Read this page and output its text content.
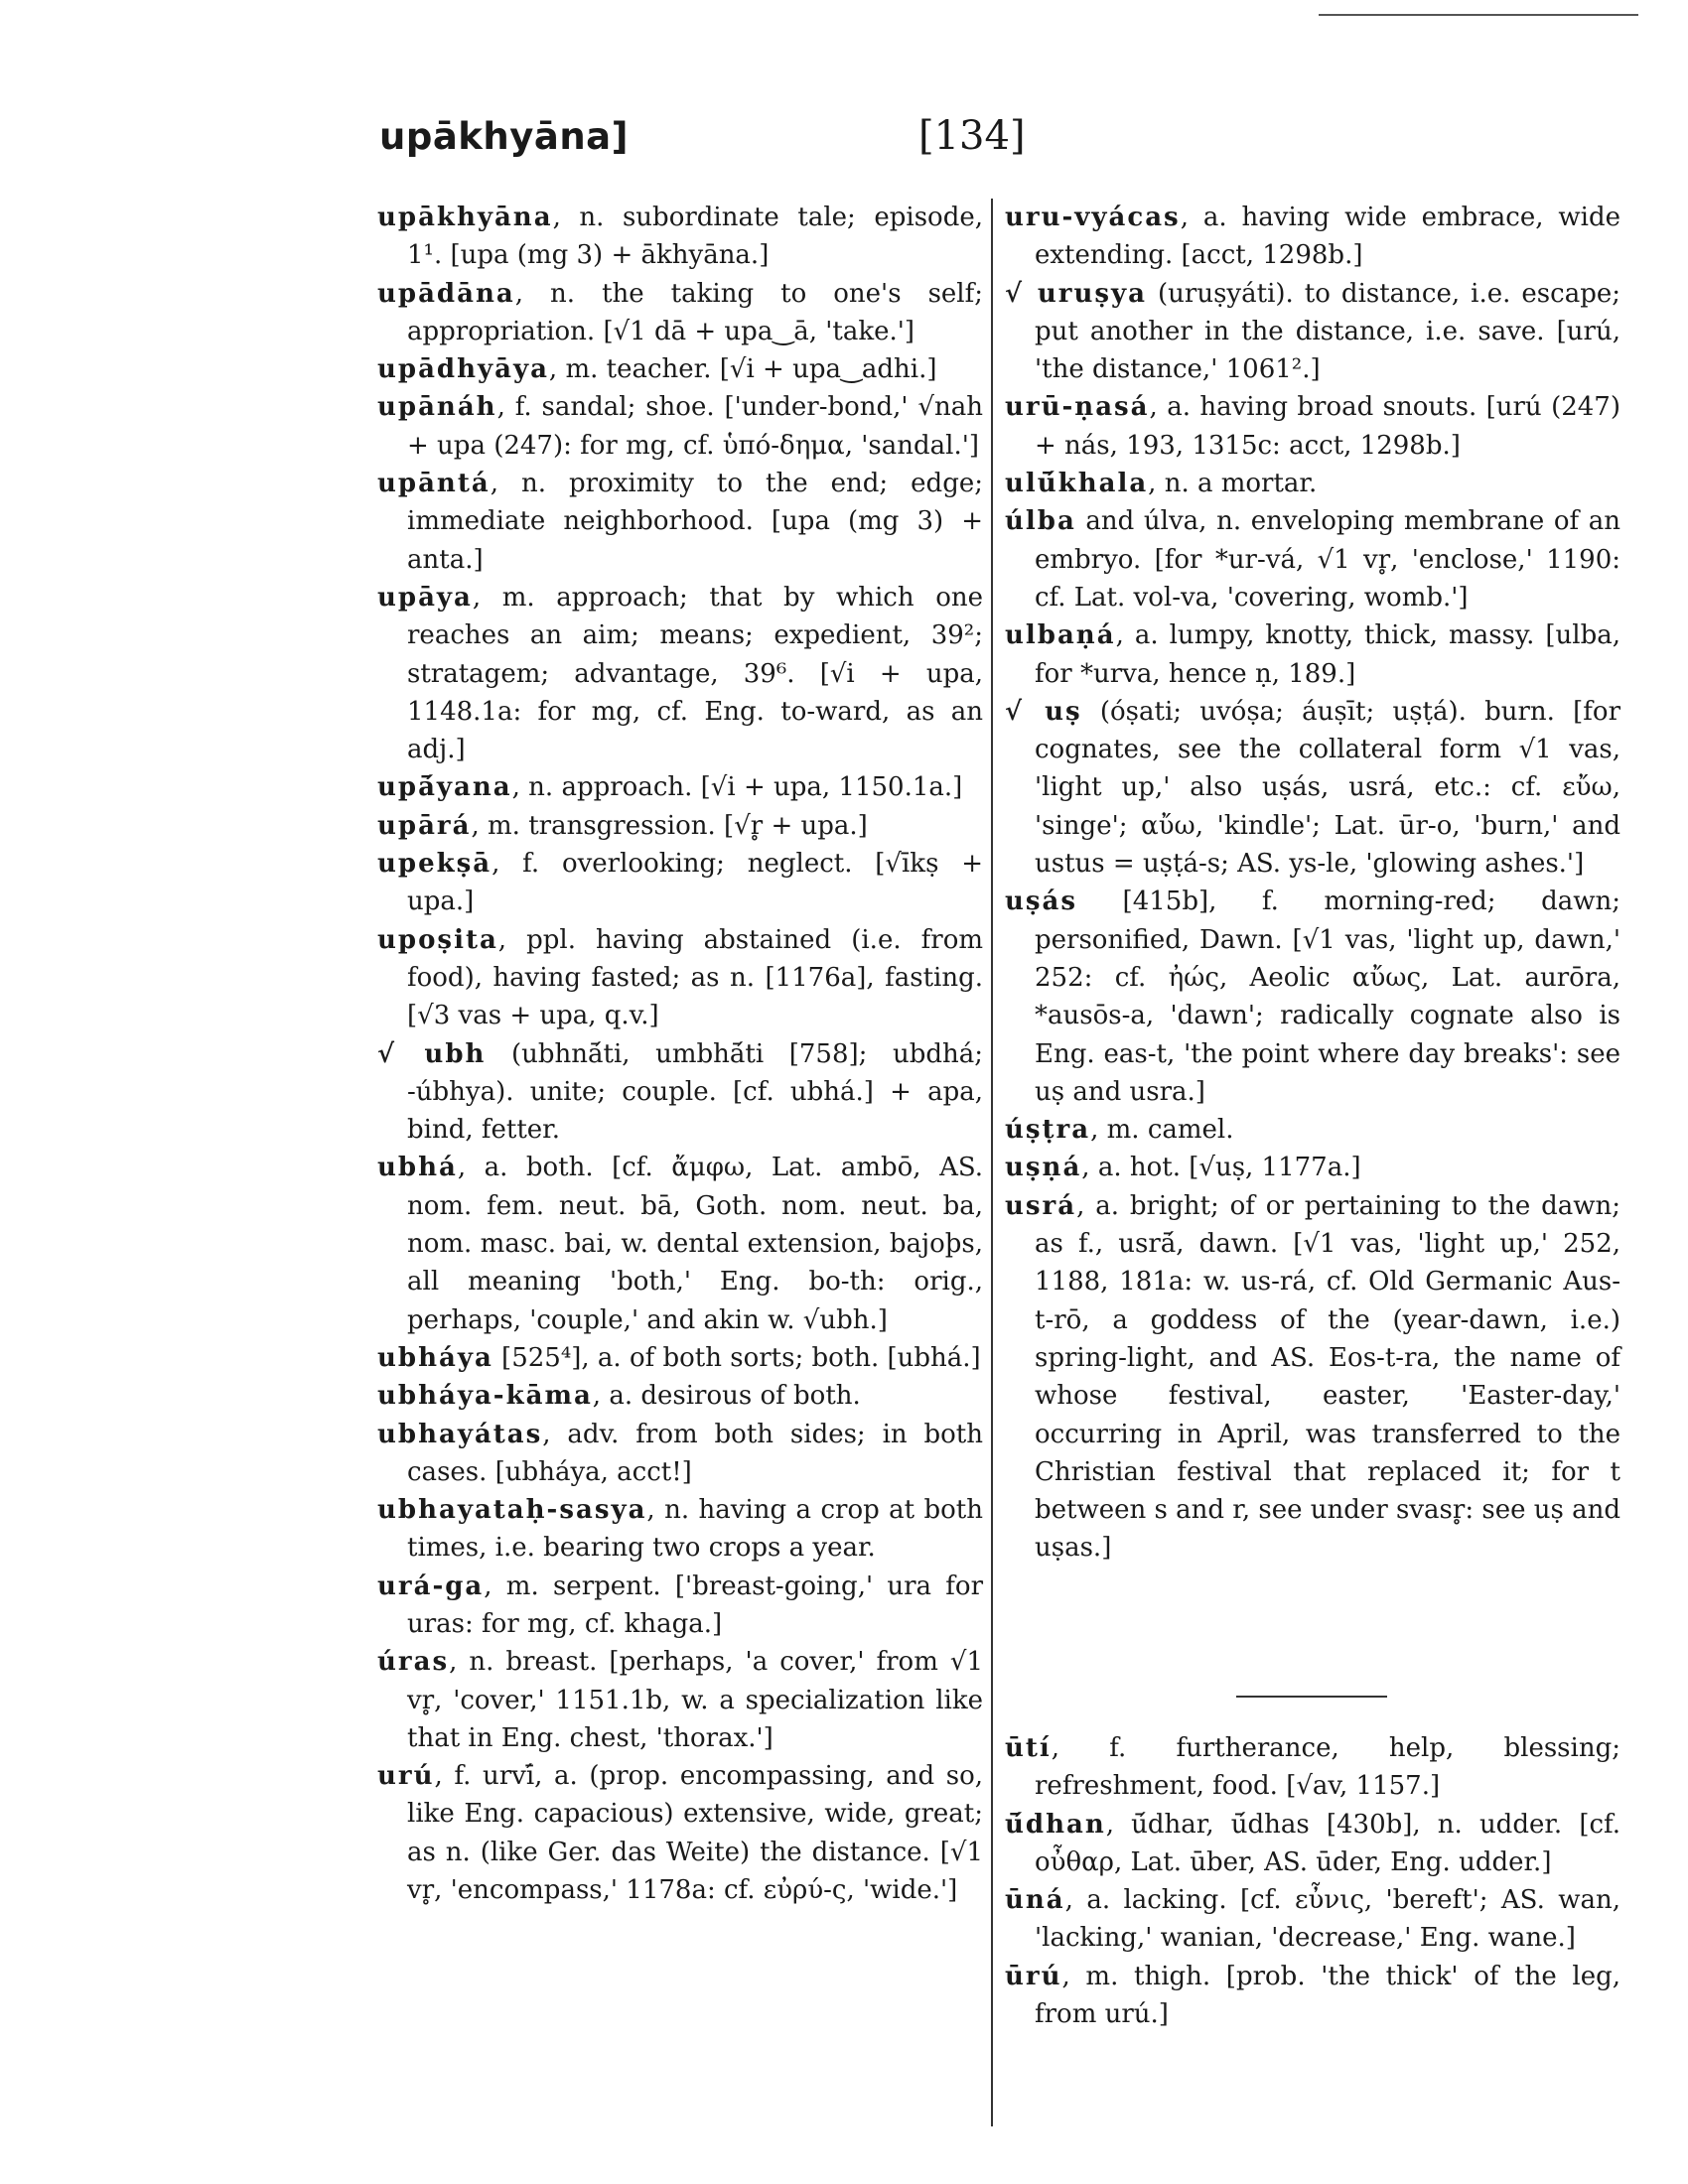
upākhyāna]	[134]

upākhyāna, n. subordinate tale; episode, 1¹. [upa (mg 3) + ākhyāna.]

upādāna, n. the taking to one's self; appropriation. [√1 dā + upa‿ā, 'take.']

upādhyāya, m. teacher. [√i + upa‿adhi.]

upānáh, f. sandal; shoe. ['under-bond,' √nah + upa (247): for mg, cf. ὑπό-δημα, 'sandal.']

upāntá, n. proximity to the end; edge; immediate neighborhood. [upa (mg 3) + anta.]

upāya, m. approach; that by which one reaches an aim; means; expedient, 39²; stratagem; advantage, 39⁶. [√i + upa, 1148.1a: for mg, cf. Eng. to-ward, as an adj.]

upā́yana, n. approach. [√i + upa, 1150.1a.]

upārá, m. transgression. [√r̥ + upa.]

upekṣā, f. overlooking; neglect. [√īkṣ + upa.]

upoṣita, ppl. having abstained (i.e. from food), having fasted; as n. [1176a], fasting. [√3 vas + upa, q.v.]

√ ubh (ubhnā́ti, umbhā́ti [758]; ubdhá; -úbhya). unite; couple. [cf. ubhá.] + apa, bind, fetter.

ubhá, a. both. [cf. ἄμφω, Lat. ambō, AS. nom. fem. neut. bā, Goth. nom. neut. ba, nom. masc. bai, w. dental extension, bajoþs, all meaning 'both,' Eng. bo-th: orig., perhaps, 'couple,' and akin w. √ubh.]

ubháya [525⁴], a. of both sorts; both. [ubhá.]

ubháya-kāma, a. desirous of both.

ubhayátas, adv. from both sides; in both cases. [ubháya, acct!]

ubhayataḥ-sasya, n. having a crop at both times, i.e. bearing two crops a year.

urá-ga, m. serpent. ['breast-going,' ura for uras: for mg, cf. khaga.]

úras, n. breast. [perhaps, 'a cover,' from √1 vr̥, 'cover,' 1151.1b, w. a specialization like that in Eng. chest, 'thorax.']

urú, f. urvī́, a. (prop. encompassing, and so, like Eng. capacious) extensive, wide, great; as n. (like Ger. das Weite) the distance. [√1 vr̥, 'encompass,' 1178a: cf. εὐρύ-ς, 'wide.']

uru-vyácas, a. having wide embrace, wide extending. [acct, 1298b.]

√ uruṣya (uruṣyáti). to distance, i.e. escape; put another in the distance, i.e. save. [urú, 'the distance,' 1061².]

urū-ṇasá, a. having broad snouts. [urú (247) + nás, 193, 1315c: acct, 1298b.]

ulū́khala, n. a mortar.

úlba and úlva, n. enveloping membrane of an embryo. [for *ur-vá, √1 vr̥, 'enclose,' 1190: cf. Lat. vol-va, 'covering, womb.']

ulbaṇá, a. lumpy, knotty, thick, massy. [ulba, for *urva, hence ṇ, 189.]

√ uṣ (óṣati; uvóṣa; áuṣīt; uṣṭá). burn. [for cognates, see the collateral form √1 vas, 'light up,' also uṣás, usrá, etc.: cf. εὔω, 'singe'; αὔω, 'kindle'; Lat. ūr-o, 'burn,' and ustus = uṣṭá-s; AS. ys-le, 'glowing ashes.']

uṣás [415b], f. morning-red; dawn; personified, Dawn. [√1 vas, 'light up, dawn,' 252: cf. ἠώς, Aeolic αὔως, Lat. aurōra, *ausōs-a, 'dawn'; radically cognate also is Eng. eas-t, 'the point where day breaks': see uṣ and usra.]

úṣṭra, m. camel.

uṣṇá, a. hot. [√uṣ, 1177a.]

usrá, a. bright; of or pertaining to the dawn; as f., usrā́, dawn. [√1 vas, 'light up,' 252, 1188, 181a: w. us-rá, cf. Old Germanic Aus-t-rō, a goddess of the (year-dawn, i.e.) spring-light, and AS. Eos-t-ra, the name of whose festival, easter, 'Easter-day,' occurring in April, was transferred to the Christian festival that replaced it; for t between s and r, see under svasr̥: see uṣ and uṣas.]

ūtí, f. furtherance, help, blessing; refreshment, food. [√av, 1157.]

ū́dhan, ū́dhar, ū́dhas [430b], n. udder. [cf. οὖθαρ, Lat. ūber, AS. ūder, Eng. udder.]

ūná, a. lacking. [cf. εὖνις, 'bereft'; AS. wan, 'lacking,' wanian, 'decrease,' Eng. wane.]

ūrú, m. thigh. [prob. 'the thick' of the leg, from urú.]
